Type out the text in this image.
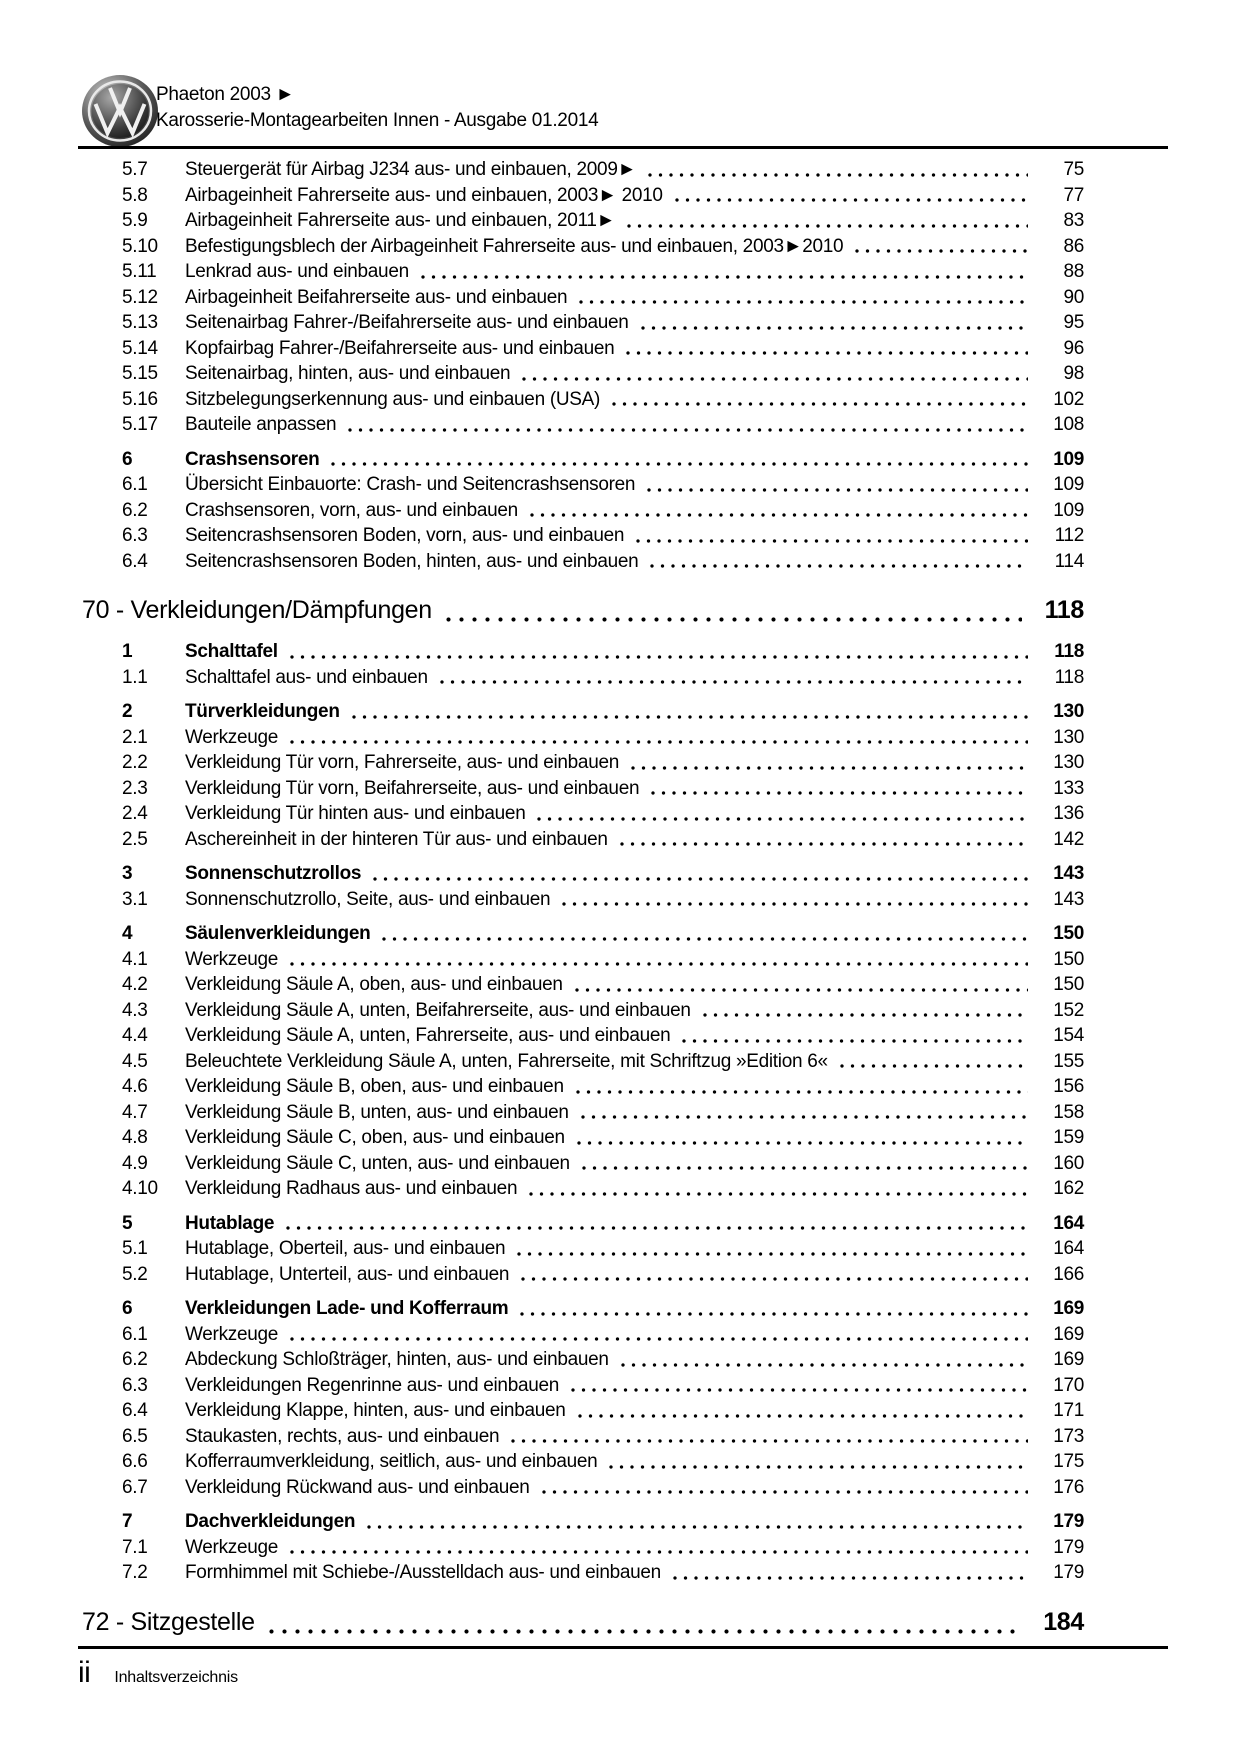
Phaeton 2003 ►
Karosserie-Montagearbeiten Innen - Ausgabe 01.2014
5.7	Steuergerät für Airbag J234 aus- und einbauen, 2009►	75
5.8	Airbageinheit Fahrerseite aus- und einbauen, 2003► 2010	77
5.9	Airbageinheit Fahrerseite aus- und einbauen, 2011►	83
5.10	Befestigungsblech der Airbageinheit Fahrerseite aus- und einbauen, 2003►2010	86
5.11	Lenkrad aus- und einbauen	88
5.12	Airbageinheit Beifahrerseite aus- und einbauen	90
5.13	Seitenairbag Fahrer-/Beifahrerseite aus- und einbauen	95
5.14	Kopfairbag Fahrer-/Beifahrerseite aus- und einbauen	96
5.15	Seitenairbag, hinten, aus- und einbauen	98
5.16	Sitzbelegungserkennung aus- und einbauen (USA)	102
5.17	Bauteile anpassen	108
6	Crashsensoren	109
6.1	Übersicht Einbauorte: Crash- und Seitencrashsensoren	109
6.2	Crashsensoren, vorn, aus- und einbauen	109
6.3	Seitencrashsensoren Boden, vorn, aus- und einbauen	112
6.4	Seitencrashsensoren Boden, hinten, aus- und einbauen	114
70 - Verkleidungen/Dämpfungen	118
1	Schalttafel	118
1.1	Schalttafel aus- und einbauen	118
2	Türverkleidungen	130
2.1	Werkzeuge	130
2.2	Verkleidung Tür vorn, Fahrerseite, aus- und einbauen	130
2.3	Verkleidung Tür vorn, Beifahrerseite, aus- und einbauen	133
2.4	Verkleidung Tür hinten aus- und einbauen	136
2.5	Aschereinheit in der hinteren Tür aus- und einbauen	142
3	Sonnenschutzrollos	143
3.1	Sonnenschutzrollo, Seite, aus- und einbauen	143
4	Säulenverkleidungen	150
4.1	Werkzeuge	150
4.2	Verkleidung Säule A, oben, aus- und einbauen	150
4.3	Verkleidung Säule A, unten, Beifahrerseite, aus- und einbauen	152
4.4	Verkleidung Säule A, unten, Fahrerseite, aus- und einbauen	154
4.5	Beleuchtete Verkleidung Säule A, unten, Fahrerseite, mit Schriftzug »Edition 6«	155
4.6	Verkleidung Säule B, oben, aus- und einbauen	156
4.7	Verkleidung Säule B, unten, aus- und einbauen	158
4.8	Verkleidung Säule C, oben, aus- und einbauen	159
4.9	Verkleidung Säule C, unten, aus- und einbauen	160
4.10	Verkleidung Radhaus aus- und einbauen	162
5	Hutablage	164
5.1	Hutablage, Oberteil, aus- und einbauen	164
5.2	Hutablage, Unterteil, aus- und einbauen	166
6	Verkleidungen Lade- und Kofferraum	169
6.1	Werkzeuge	169
6.2	Abdeckung Schloßträger, hinten, aus- und einbauen	169
6.3	Verkleidungen Regenrinne aus- und einbauen	170
6.4	Verkleidung Klappe, hinten, aus- und einbauen	171
6.5	Staukasten, rechts, aus- und einbauen	173
6.6	Kofferraumverkleidung, seitlich, aus- und einbauen	175
6.7	Verkleidung Rückwand aus- und einbauen	176
7	Dachverkleidungen	179
7.1	Werkzeuge	179
7.2	Formhimmel mit Schiebe-/Ausstelldach aus- und einbauen	179
72 - Sitzgestelle	184
ii Inhaltsverzeichnis
